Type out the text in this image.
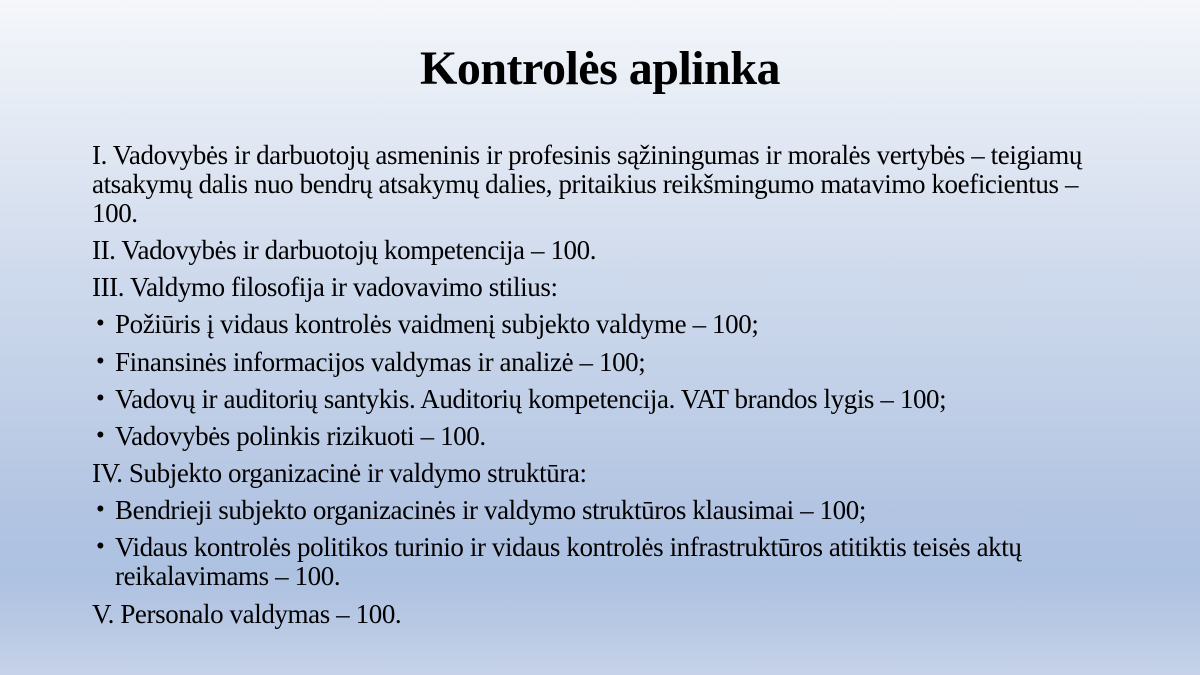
Kontrolės aplinka
I. Vadovybės ir darbuotojų asmeninis ir profesinis sąžiningumas ir moralės vertybės – teigiamų atsakymų dalis nuo bendrų atsakymų dalies, pritaikius reikšmingumo matavimo koeficientus – 100.
II. Vadovybės ir darbuotojų kompetencija – 100.
III. Valdymo filosofija ir vadovavimo stilius:
• Požiūris į vidaus kontrolės vaidmenį subjekto valdyme – 100;
• Finansinės informacijos valdymas ir analizė – 100;
• Vadovų ir auditorių santykis. Auditorių kompetencija. VAT brandos lygis – 100;
• Vadovybės polinkis rizikuoti – 100.
IV. Subjekto organizacinė ir valdymo struktūra:
• Bendrieji subjekto organizacinės ir valdymo struktūros klausimai – 100;
• Vidaus kontrolės politikos turinio ir vidaus kontrolės infrastruktūros atitiktis teisės aktų reikalavimams – 100.
V. Personalo valdymas – 100.
